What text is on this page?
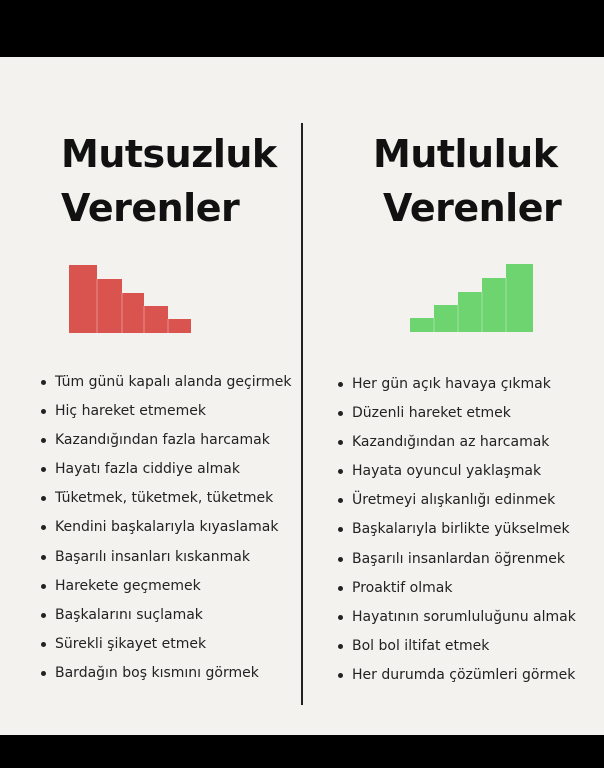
Mutsuzluk
Verenler
Mutluluk
Verenler
Tüm günü kapalı alanda geçirmek
Hiç hareket etmemek
Kazandığından fazla harcamak
Hayatı fazla ciddiye almak
Tüketmek, tüketmek, tüketmek
Kendini başkalarıyla kıyaslamak
Başarılı insanları kıskanmak
Harekete geçmemek
Başkalarını suçlamak
Sürekli şikayet etmek
Bardağın boş kısmını görmek
Her gün açık havaya çıkmak
Düzenli hareket etmek
Kazandığından az harcamak
Hayata oyuncul yaklaşmak
Üretmeyi alışkanlığı edinmek
Başkalarıyla birlikte yükselmek
Başarılı insanlardan öğrenmek
Proaktif olmak
Hayatının sorumluluğunu almak
Bol bol iltifat etmek
Her durumda çözümleri görmek
